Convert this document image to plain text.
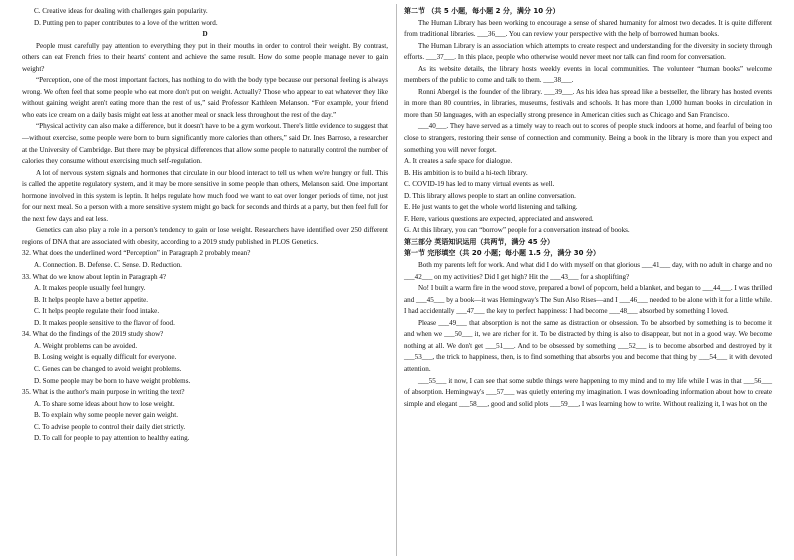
C. Creative ideas for dealing with challenges gain popularity.

D. Putting pen to paper contributes to a love of the written word.

D

People must carefully pay attention to everything they put in their mouths in order to control their weight. By contrast, others can eat French fries to their hearts' content and achieve the same result. How do some people manage never to gain weight?

“Perception, one of the most important factors, has nothing to do with the body type because our personal feeling is always wrong. We often feel that some people who eat more don't put on weight. Actually? Those who appear to eat whatever they like without gaining weight aren't eating more than the rest of us,” said Professor Kathleen Melanson. “For example, your friend who eats ice cream on a daily basis might eat less at another meal or snack less throughout the rest of the day.”

“Physical activity can also make a difference, but it doesn't have to be a gym workout. There's little evidence to suggest that—without exercise, some people were born to burn significantly more calories than others,” said Dr. Ines Barroso, a researcher at the University of Cambridge. But there may be physical differences that allow some people to naturally control the number of calories they consume without exercising much self-regulation.

A lot of nervous system signals and hormones that circulate in our blood interact to tell us when we're hungry or full. This is called the appetite regulatory system, and it may be more sensitive in some people than others, Melanson said. One important hormone involved in this system is leptin. It helps regulate how much food we want to eat over longer periods of time, not just for our next meal. So a person with a more sensitive system might go back for seconds and thirds at a party, but then feel full for the next few days and eat less.

Genetics can also play a role in a person's tendency to gain or lose weight. Researchers have identified over 250 different regions of DNA that are associated with obesity, according to a 2019 study published in PLOS Genetics.

32. What does the underlined word “Perception” in Paragraph 2 probably mean?

A. Connection. B. Defense. C. Sense. D. Reduction.

33. What do we know about leptin in Paragraph 4?

A. It makes people usually feel hungry.

B. It helps people have a better appetite.

C. It helps people regulate their food intake.

D. It makes people sensitive to the flavor of food.

34. What do the findings of the 2019 study show?

A. Weight problems can be avoided.

B. Losing weight is equally difficult for everyone.

C. Genes can be changed to avoid weight problems.

D. Some people may be born to have weight problems.

35. What is the author's main purpose in writing the text?

A. To share some ideas about how to lose weight.

B. To explain why some people never gain weight.

C. To advise people to control their daily diet strictly.

D. To call for people to pay attention to healthy eating.

第二节 （共 5 小题，每小题 2 分，满分 10 分）

The Human Library has been working to encourage a sense of shared humanity for almost two decades. It is quite different from traditional libraries. ___36___. You can review your perspective with the help of borrowed human books.

The Human Library is an association which attempts to create respect and understanding for the diversity in society through efforts. ___37___. In this place, people who otherwise would never meet nor talk can find room for conversation.

As its website details, the library hosts weekly events in local communities. The volunteer “human books” welcome members of the public to come and talk to them. ___38___.

Ronni Abergel is the founder of the library. ___39___. As his idea has spread like a bestseller, the library has hosted events in more than 80 countries, in libraries, museums, festivals and schools. It has more than 1,000 human books in circulation in more than 50 languages, with an especially strong presence in American cities such as Chicago and San Francisco.

___40___. They have served as a timely way to reach out to scores of people stuck indoors at home, and fearful of being too close to strangers, restoring their sense of connection and community. Being a book in the library is more than you expect and something you will never forget.

A. It creates a safe space for dialogue.

B. His ambition is to build a hi-tech library.

C. COVID-19 has led to many virtual events as well.

D. This library allows people to start an online conversation.

E. He just wants to get the whole world listening and talking.

F. Here, various questions are expected, appreciated and answered.

G. At this library, you can “borrow” people for a conversation instead of books.

第三部分 英语知识运用（共两节，满分 45 分）

第一节 完形填空（共 20 小题；每小题 1.5 分，满分 30 分）

Both my parents left for work. And what did I do with myself on that glorious ___41___ day, with no adult in charge and no ___42___ on my activities? Did I get high? Hit the ___43___ for a shoplifting?

No! I built a warm fire in the wood stove, prepared a bowl of popcorn, held a blanket, and began to ___44___. I was thrilled and ___45___ by a book—it was Hemingway's The Sun Also Rises—and I ___46___ needed to be alone with it for a little while. I had accidentally ___47___ the key to perfect happiness: I had become ___48___ absorbed by something I loved.

Please ___49___ that absorption is not the same as distraction or obsession. To be absorbed by something is to become it and when we ___50___ it, we are richer for it. To be distracted by thing is also to disappear, but not in a good way. We become nothing at all. We don't get ___51___. And to be obsessed by something ___52___ is to become absorbed and destroyed by it ___53___, the trick to happiness, then, is to find something that absorbs you and become that thing by ___54___ it with devoted attention.

___55___ it now, I can see that some subtle things were happening to my mind and to my life while I was in that ___56___ of absorption. Hemingway's ___57___ was quietly entering my imagination. I was downloading information about how to create simple and elegant ___58___, good and solid plots ___59___, I was learning how to write. Without realizing it, I was hot on the
